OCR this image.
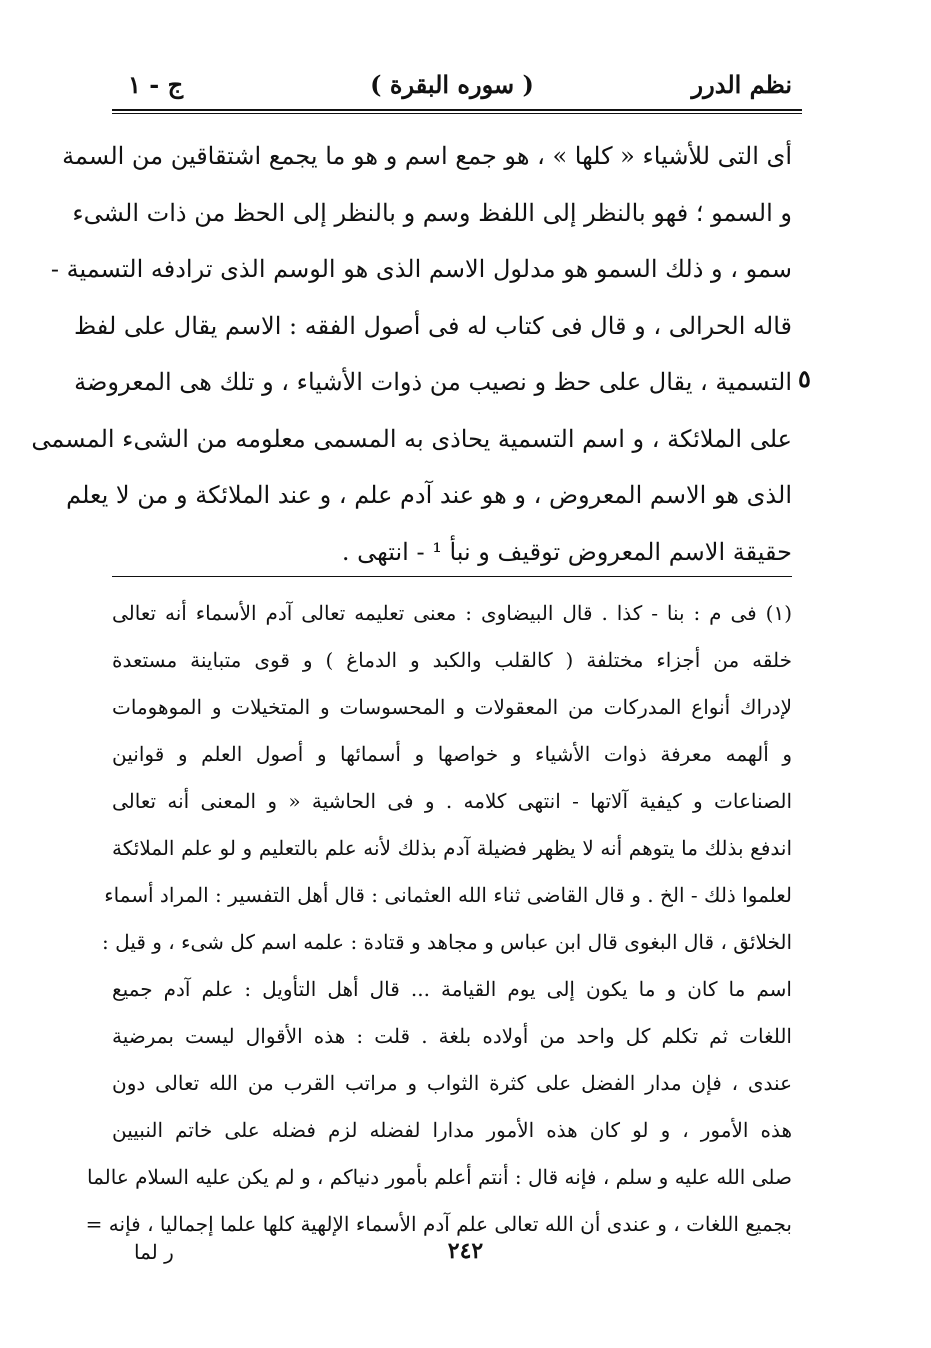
نظم الدرر
( سوره البقرة )
ج - ١
أى التى للأشياء « كلها » ، هو جمع اسم و هو ما يجمع اشتقاقين من السمة
و السمو ؛ فهو بالنظر إلى اللفظ وسم و بالنظر إلى الحظ من ذات الشىء
سمو ، و ذلك السمو هو مدلول الاسم الذى هو الوسم الذى ترادفه التسمية -
قاله الحرالى ، و قال فى كتاب له فى أصول الفقه : الاسم يقال على لفظ
التسمية ، يقال على حظ و نصيب من ذوات الأشياء ، و تلك هى المعروضة
على الملائكة ، و اسم التسمية يحاذى به المسمى معلومه من الشىء المسمى
الذى هو الاسم المعروض ، و هو عند آدم علم ، و عند الملائكة و من لا يعلم
حقيقة الاسم المعروض توقيف و نبأ ¹ - انتهى .
٥
(١) فى م : بنا - كذا . قال البيضاوى : معنى تعليمه تعالى آدم الأسماء أنه تعالى
خلقه من أجزاء مختلفة ( كالقلب والكبد و الدماغ ) و قوى متباينة مستعدة
لإدراك أنواع المدركات من المعقولات و المحسوسات و المتخيلات و الموهومات
و ألهمه معرفة ذوات الأشياء و خواصها و أسمائها و أصول العلم و قوانين
الصناعات و كيفية آلاتها - انتهى كلامه . و فى الحاشية « و المعنى أنه تعالى
اندفع بذلك ما يتوهم أنه لا يظهر فضيلة آدم بذلك لأنه علم بالتعليم و لو علم الملائكة
لعلموا ذلك - الخ . و قال القاضى ثناء الله العثمانى : قال أهل التفسير : المراد أسماء
الخلائق ، قال البغوى قال ابن عباس و مجاهد و قتادة : علمه اسم كل شىء ، و قيل :
اسم ما كان و ما يكون إلى يوم القيامة ... قال أهل التأويل : علم آدم جميع
اللغات ثم تكلم كل واحد من أولاده بلغة . قلت : هذه الأقوال ليست بمرضية
عندى ، فإن مدار الفضل على كثرة الثواب و مراتب القرب من الله تعالى دون
هذه الأمور ، و لو كان هذه الأمور مدارا لفضله لزم فضله على خاتم النبيين
صلى الله عليه و سلم ، فإنه قال : أنتم أعلم بأمور دنياكم ، و لم يكن عليه السلام عالما
بجميع اللغات ، و عندى أن الله تعالى علم آدم الأسماء الإلهية كلها علما إجماليا ، فإنه =
٢٤٢
ر لما
